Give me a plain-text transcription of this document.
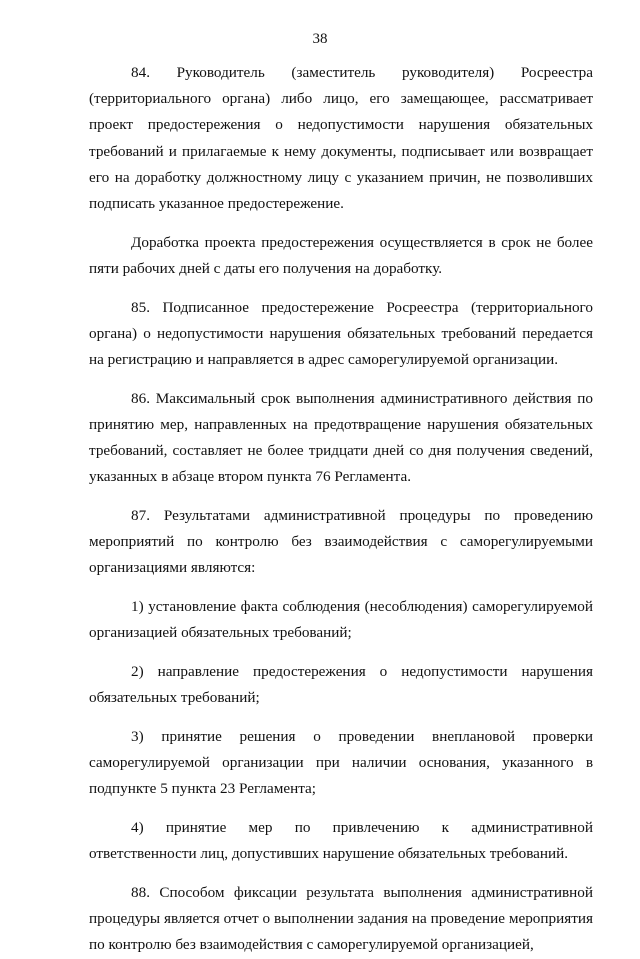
38

84. Руководитель (заместитель руководителя) Росреестра (территориального органа) либо лицо, его замещающее, рассматривает проект предостережения о недопустимости нарушения обязательных требований и прилагаемые к нему документы, подписывает или возвращает его на доработку должностному лицу с указанием причин, не позволивших подписать указанное предостережение.

Доработка проекта предостережения осуществляется в срок не более пяти рабочих дней с даты его получения на доработку.

85. Подписанное предостережение Росреестра (территориального органа) о недопустимости нарушения обязательных требований передается на регистрацию и направляется в адрес саморегулируемой организации.

86. Максимальный срок выполнения административного действия по принятию мер, направленных на предотвращение нарушения обязательных требований, составляет не более тридцати дней со дня получения сведений, указанных в абзаце втором пункта 76 Регламента.

87. Результатами административной процедуры по проведению мероприятий по контролю без взаимодействия с саморегулируемыми организациями являются:

1) установление факта соблюдения (несоблюдения) саморегулируемой организацией обязательных требований;

2) направление предостережения о недопустимости нарушения обязательных требований;

3) принятие решения о проведении внеплановой проверки саморегулируемой организации при наличии основания, указанного в подпункте 5 пункта 23 Регламента;

4) принятие мер по привлечению к административной ответственности лиц, допустивших нарушение обязательных требований.

88. Способом фиксации результата выполнения административной процедуры является отчет о выполнении задания на проведение мероприятия по контролю без взаимодействия с саморегулируемой организацией,
